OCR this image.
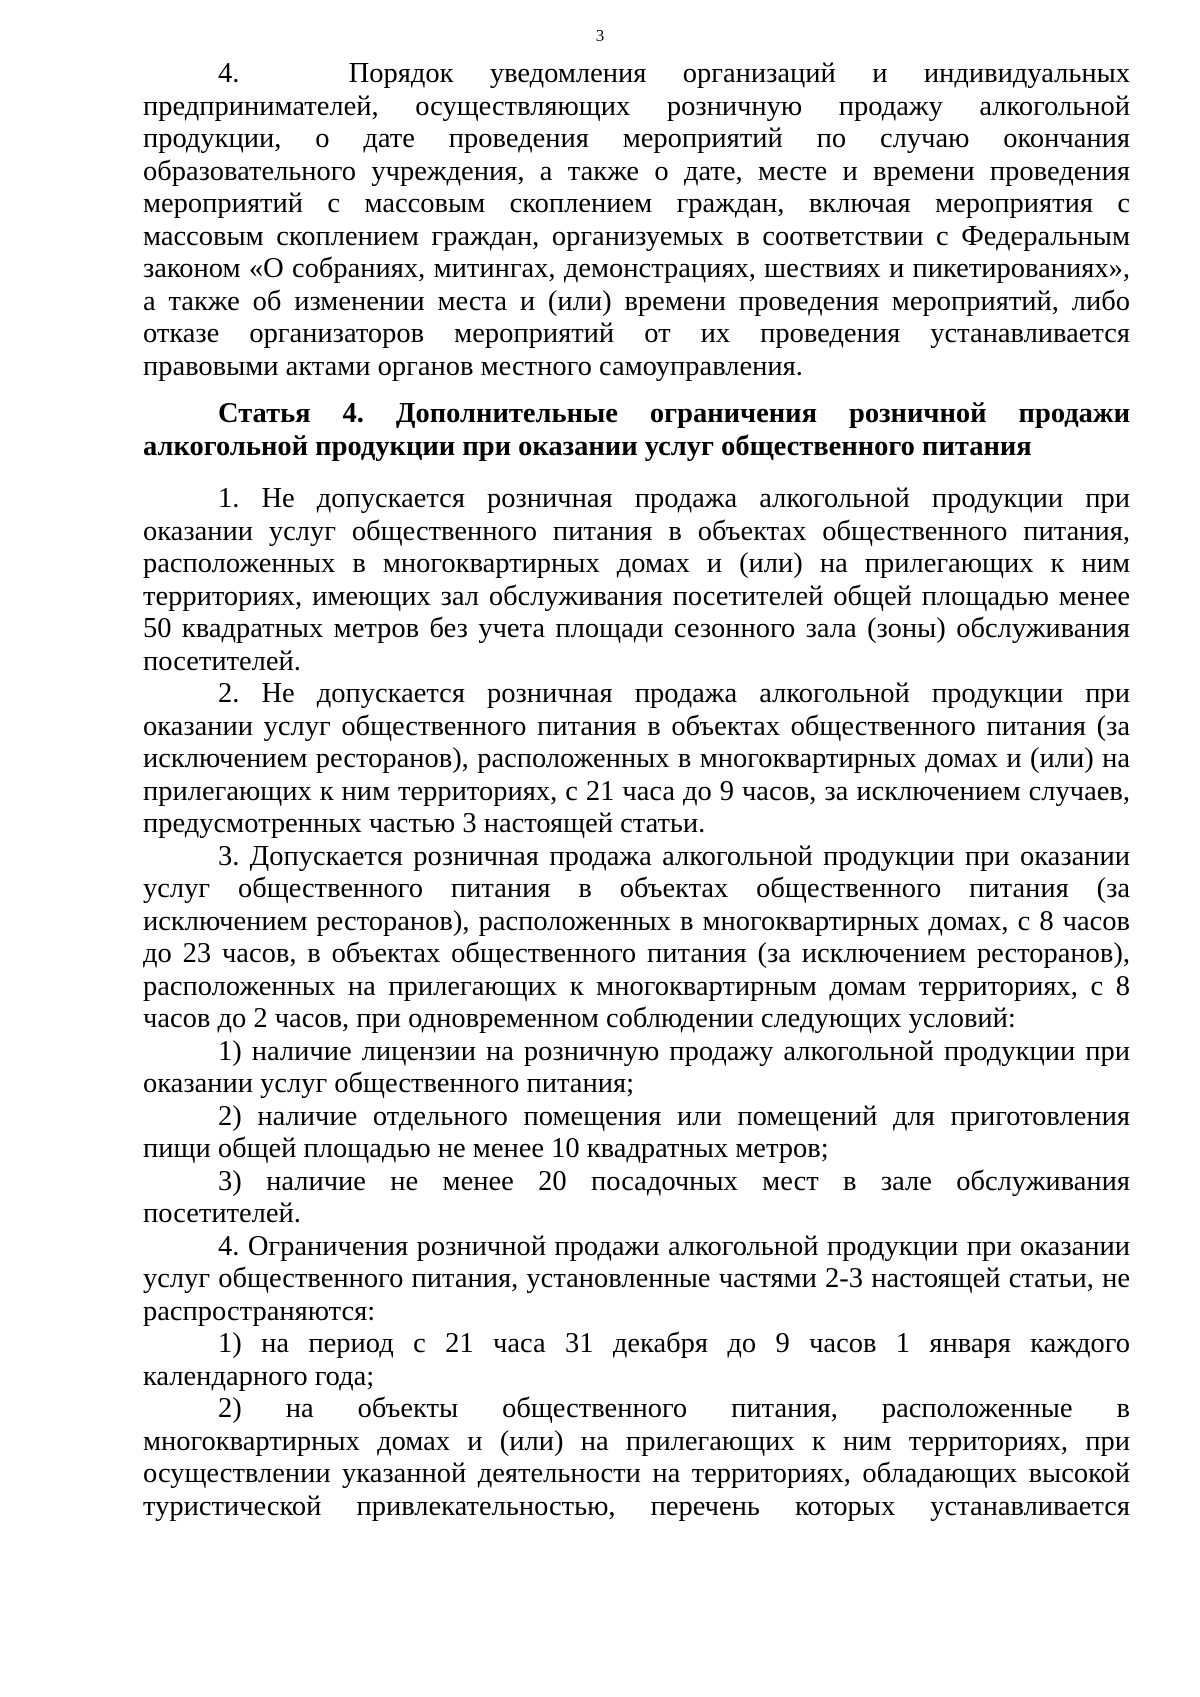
3

4.   Порядок уведомления организаций и индивидуальных предпринимателей, осуществляющих розничную продажу алкогольной продукции, о дате проведения мероприятий по случаю окончания образовательного учреждения, а также о дате, месте и времени проведения мероприятий с массовым скоплением граждан, включая мероприятия с массовым скоплением граждан, организуемых в соответствии с Федеральным законом «О собраниях, митингах, демонстрациях, шествиях и пикетированиях», а также об изменении места и (или) времени проведения мероприятий, либо отказе организаторов мероприятий от их проведения устанавливается правовыми актами органов местного самоуправления.

Статья 4. Дополнительные ограничения розничной продажи алкогольной продукции при оказании услуг общественного питания

1. Не допускается розничная продажа алкогольной продукции при оказании услуг общественного питания в объектах общественного питания, расположенных в многоквартирных домах и (или) на прилегающих к ним территориях, имеющих зал обслуживания посетителей общей площадью менее 50 квадратных метров без учета площади сезонного зала (зоны) обслуживания посетителей.

2. Не допускается розничная продажа алкогольной продукции при оказании услуг общественного питания в объектах общественного питания (за исключением ресторанов), расположенных в многоквартирных домах и (или) на прилегающих к ним территориях, с 21 часа до 9 часов, за исключением случаев, предусмотренных частью 3 настоящей статьи.

3. Допускается розничная продажа алкогольной продукции при оказании услуг общественного питания в объектах общественного питания (за исключением ресторанов), расположенных в многоквартирных домах, с 8 часов до 23 часов, в объектах общественного питания (за исключением ресторанов), расположенных на прилегающих к многоквартирным домам территориях, с 8 часов до 2 часов, при одновременном соблюдении следующих условий:

1) наличие лицензии на розничную продажу алкогольной продукции при оказании услуг общественного питания;

2) наличие отдельного помещения или помещений для приготовления пищи общей площадью не менее 10 квадратных метров;

3) наличие не менее 20 посадочных мест в зале обслуживания посетителей.

4. Ограничения розничной продажи алкогольной продукции при оказании услуг общественного питания, установленные частями 2-3 настоящей статьи, не распространяются:

1) на период с 21 часа 31 декабря до 9 часов 1 января каждого календарного года;

2) на объекты общественного питания, расположенные в многоквартирных домах и (или) на прилегающих к ним территориях, при осуществлении указанной деятельности на территориях, обладающих высокой туристической привлекательностью, перечень которых устанавливается
